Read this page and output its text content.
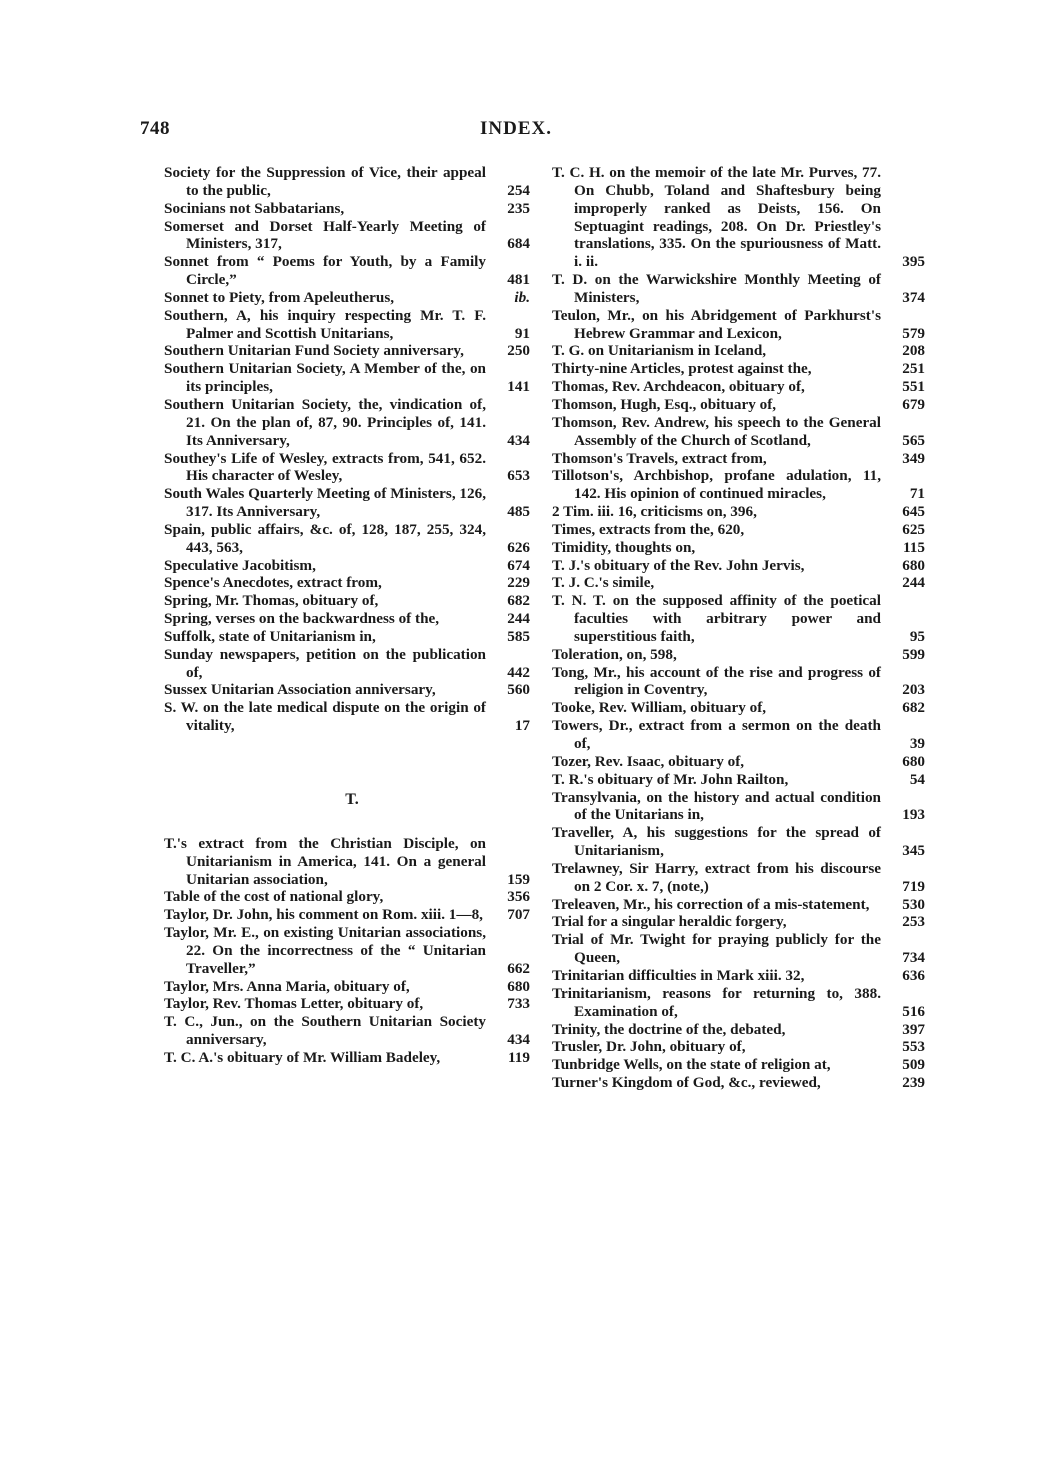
748	INDEX.
Society for the Suppression of Vice, their appeal to the public,	254
Socinians not Sabbatarians,	235
Somerset and Dorset Half-Yearly Meeting of Ministers, 317,	684
Sonnet from “ Poems for Youth, by a Family Circle,”	481
Sonnet to Piety, from Apeleutherus,	ib.
Southern, A, his inquiry respecting Mr. T. F. Palmer and Scottish Unitarians,	91
Southern Unitarian Fund Society anniversary,	250
Southern Unitarian Society, A Member of the, on its principles,	141
Southern Unitarian Society, the, vindication of, 21. On the plan of, 87, 90. Principles of, 141. Its Anniversary,	434
Southey's Life of Wesley, extracts from, 541, 652. His character of Wesley,	653
South Wales Quarterly Meeting of Ministers, 126, 317. Its Anniversary,	485
Spain, public affairs, &c. of, 128, 187, 255, 324, 443, 563,	626
Speculative Jacobitism,	674
Spence's Anecdotes, extract from,	229
Spring, Mr. Thomas, obituary of,	682
Spring, verses on the backwardness of the,	244
Suffolk, state of Unitarianism in,	585
Sunday newspapers, petition on the publication of,	442
Sussex Unitarian Association anniversary,	560
S. W. on the late medical dispute on the origin of vitality,	17
T.
T.'s extract from the Christian Disciple, on Unitarianism in America, 141. On a general Unitarian association,	159
Table of the cost of national glory,	356
Taylor, Dr. John, his comment on Rom. xiii. 1—8,	707
Taylor, Mr. E., on existing Unitarian associations, 22. On the incorrectness of the “ Unitarian Traveller,”	662
Taylor, Mrs. Anna Maria, obituary of,	680
Taylor, Rev. Thomas Letter, obituary of,	733
T. C., Jun., on the Southern Unitarian Society anniversary,	434
T. C. A.'s obituary of Mr. William Badeley,	119
T. C. H. on the memoir of the late Mr. Purves, 77. On Chubb, Toland and Shaftesbury being improperly ranked as Deists, 156. On Septuagint readings, 208. On Dr. Priestley's translations, 335. On the spuriousness of Matt. i. ii.	395
T. D. on the Warwickshire Monthly Meeting of Ministers,	374
Teulon, Mr., on his Abridgement of Parkhurst's Hebrew Grammar and Lexicon,	579
T. G. on Unitarianism in Iceland,	208
Thirty-nine Articles, protest against the,	251
Thomas, Rev. Archdeacon, obituary of,	551
Thomson, Hugh, Esq., obituary of,	679
Thomson, Rev. Andrew, his speech to the General Assembly of the Church of Scotland,	565
Thomson's Travels, extract from,	349
Tillotson's, Archbishop, profane adulation, 11, 142. His opinion of continued miracles,	71
2 Tim. iii. 16, criticisms on, 396,	645
Times, extracts from the, 620,	625
Timidity, thoughts on,	115
T. J.'s obituary of the Rev. John Jervis,	680
T. J. C.'s simile,	244
T. N. T. on the supposed affinity of the poetical faculties with arbitrary power and superstitious faith,	95
Toleration, on, 598,	599
Tong, Mr., his account of the rise and progress of religion in Coventry,	203
Tooke, Rev. William, obituary of,	682
Towers, Dr., extract from a sermon on the death of,	39
Tozer, Rev. Isaac, obituary of,	680
T. R.'s obituary of Mr. John Railton,	54
Transylvania, on the history and actual condition of the Unitarians in,	193
Traveller, A, his suggestions for the spread of Unitarianism,	345
Trelawney, Sir Harry, extract from his discourse on 2 Cor. x. 7, (note,)	719
Treleaven, Mr., his correction of a mis-statement,	530
Trial for a singular heraldic forgery,	253
Trial of Mr. Twight for praying publicly for the Queen,	734
Trinitarian difficulties in Mark xiii. 32,	636
Trinitarianism, reasons for returning to, 388. Examination of,	516
Trinity, the doctrine of the, debated,	397
Trusler, Dr. John, obituary of,	553
Tunbridge Wells, on the state of religion at,	509
Turner's Kingdom of God, &c., reviewed,	239
